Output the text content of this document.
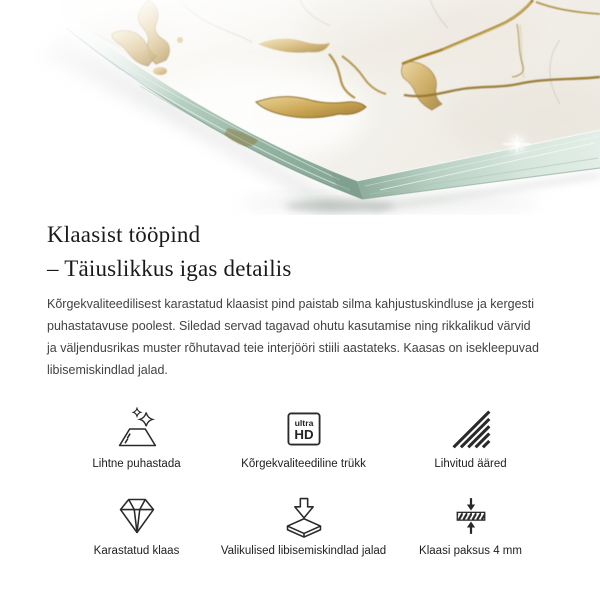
Klaasist tööpind
– Täiuslikkus igas detailis
Kõrgekvaliteedilisest karastatud klaasist pind paistab silma kahjustuskindluse ja kergesti
puhastatavuse poolest. Siledad servad tagavad ohutu kasutamise ning rikkalikud värvid
ja väljendusrikas muster rõhutavad teie interjööri stiili aastateks. Kaasas on isekleepuvad
libisemiskindlad jalad.
Lihtne puhastada
ultra
HD
Kõrgekvaliteediline trükk	Lihvitud ääred
Karastatud klaas	Valikulised libisemiskindlad jalad	Klaasi paksus 4 mm
